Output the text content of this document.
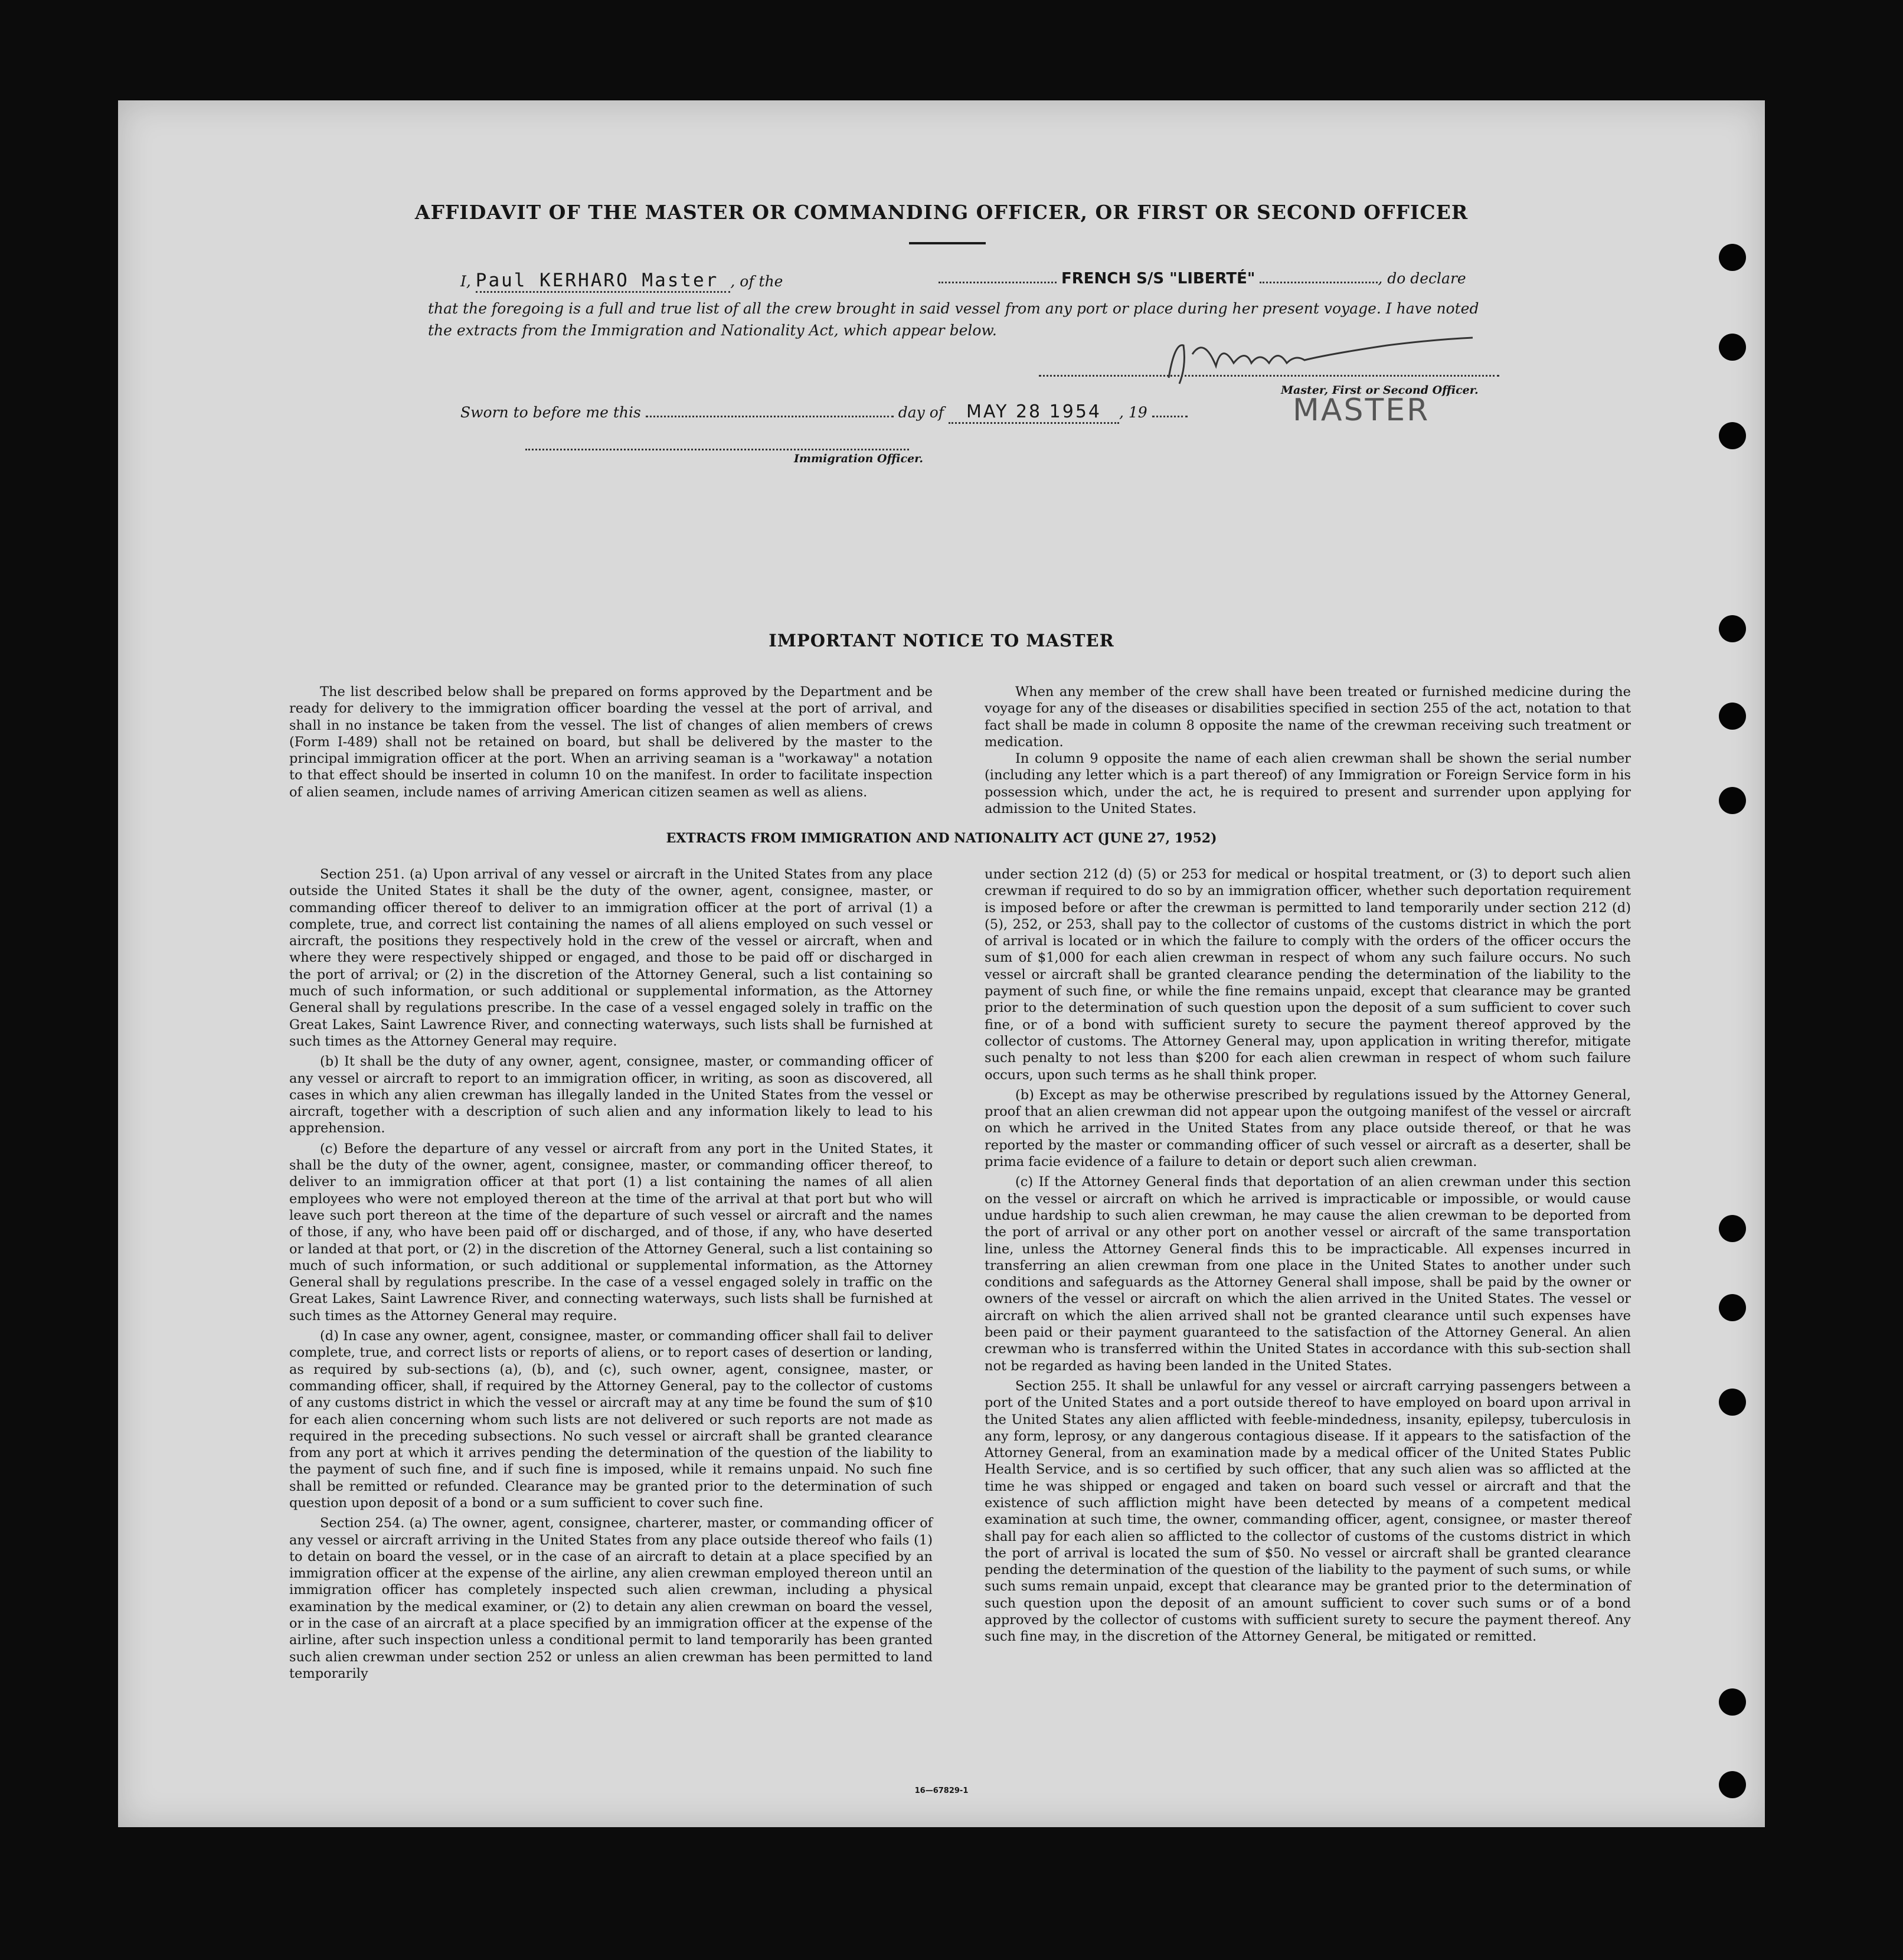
AFFIDAVIT OF THE MASTER OR COMMANDING OFFICER, OR FIRST OR SECOND OFFICER
I, Paul KERHARO Master , of the	FRENCH S/S "LIBERTÉ"	, do declare
that the foregoing is a full and true list of all the crew brought in said vessel from any port or place during her present voyage. I have noted
the extracts from the Immigration and Nationality Act, which appear below.
Master, First or Second Officer.
MASTER
Sworn to before me this	day of MAY 28 1954 , 19
Immigration Officer.
IMPORTANT NOTICE TO MASTER

The list described below shall be prepared on forms approved by the Department and be ready for delivery to the immigration officer boarding the vessel at the port of arrival, and shall in no instance be taken from the vessel. The list of changes of alien members of crews (Form I-489) shall not be retained on board, but shall be delivered by the master to the principal immigration officer at the port. When an arriving seaman is a "workaway" a notation to that effect should be inserted in column 10 on the manifest. In order to facilitate inspection of alien seamen, include names of arriving American citizen seamen as well as aliens.

When any member of the crew shall have been treated or furnished medicine during the voyage for any of the diseases or disabilities specified in section 255 of the act, notation to that fact shall be made in column 8 opposite the name of the crewman receiving such treatment or medication.

In column 9 opposite the name of each alien crewman shall be shown the serial number (including any letter which is a part thereof) of any Immigration or Foreign Service form in his possession which, under the act, he is required to present and surrender upon applying for admission to the United States.

EXTRACTS FROM IMMIGRATION AND NATIONALITY ACT (JUNE 27, 1952)

Section 251. (a) Upon arrival of any vessel or aircraft in the United States from any place outside the United States it shall be the duty of the owner, agent, consignee, master, or commanding officer thereof to deliver to an immigration officer at the port of arrival (1) a complete, true, and correct list containing the names of all aliens employed on such vessel or aircraft, the positions they respectively hold in the crew of the vessel or aircraft, when and where they were respectively shipped or engaged, and those to be paid off or discharged in the port of arrival; or (2) in the discretion of the Attorney General, such a list containing so much of such information, or such additional or supplemental information, as the Attorney General shall by regulations prescribe. In the case of a vessel engaged solely in traffic on the Great Lakes, Saint Lawrence River, and connecting waterways, such lists shall be furnished at such times as the Attorney General may require.

(b) It shall be the duty of any owner, agent, consignee, master, or commanding officer of any vessel or aircraft to report to an immigration officer, in writing, as soon as discovered, all cases in which any alien crewman has illegally landed in the United States from the vessel or aircraft, together with a description of such alien and any information likely to lead to his apprehension.

(c) Before the departure of any vessel or aircraft from any port in the United States, it shall be the duty of the owner, agent, consignee, master, or commanding officer thereof, to deliver to an immigration officer at that port (1) a list containing the names of all alien employees who were not employed thereon at the time of the arrival at that port but who will leave such port thereon at the time of the departure of such vessel or aircraft and the names of those, if any, who have been paid off or discharged, and of those, if any, who have deserted or landed at that port, or (2) in the discretion of the Attorney General, such a list containing so much of such information, or such additional or supplemental information, as the Attorney General shall by regulations prescribe. In the case of a vessel engaged solely in traffic on the Great Lakes, Saint Lawrence River, and connecting waterways, such lists shall be furnished at such times as the Attorney General may require.

(d) In case any owner, agent, consignee, master, or commanding officer shall fail to deliver complete, true, and correct lists or reports of aliens, or to report cases of desertion or landing, as required by sub-sections (a), (b), and (c), such owner, agent, consignee, master, or commanding officer, shall, if required by the Attorney General, pay to the collector of customs of any customs district in which the vessel or aircraft may at any time be found the sum of $10 for each alien concerning whom such lists are not delivered or such reports are not made as required in the preceding subsections. No such vessel or aircraft shall be granted clearance from any port at which it arrives pending the determination of the question of the liability to the payment of such fine, and if such fine is imposed, while it remains unpaid. No such fine shall be remitted or refunded. Clearance may be granted prior to the determination of such question upon deposit of a bond or a sum sufficient to cover such fine.

Section 254. (a) The owner, agent, consignee, charterer, master, or commanding officer of any vessel or aircraft arriving in the United States from any place outside thereof who fails (1) to detain on board the vessel, or in the case of an aircraft to detain at a place specified by an immigration officer at the expense of the airline, any alien crewman employed thereon until an immigration officer has completely inspected such alien crewman, including a physical examination by the medical examiner, or (2) to detain any alien crewman on board the vessel, or in the case of an aircraft at a place specified by an immigration officer at the expense of the airline, after such inspection unless a conditional permit to land temporarily has been granted such alien crewman under section 252 or unless an alien crewman has been permitted to land temporarily

under section 212 (d) (5) or 253 for medical or hospital treatment, or (3) to deport such alien crewman if required to do so by an immigration officer, whether such deportation requirement is imposed before or after the crewman is permitted to land temporarily under section 212 (d) (5), 252, or 253, shall pay to the collector of customs of the customs district in which the port of arrival is located or in which the failure to comply with the orders of the officer occurs the sum of $1,000 for each alien crewman in respect of whom any such failure occurs. No such vessel or aircraft shall be granted clearance pending the determination of the liability to the payment of such fine, or while the fine remains unpaid, except that clearance may be granted prior to the determination of such question upon the deposit of a sum sufficient to cover such fine, or of a bond with sufficient surety to secure the payment thereof approved by the collector of customs. The Attorney General may, upon application in writing therefor, mitigate such penalty to not less than $200 for each alien crewman in respect of whom such failure occurs, upon such terms as he shall think proper.

(b) Except as may be otherwise prescribed by regulations issued by the Attorney General, proof that an alien crewman did not appear upon the outgoing manifest of the vessel or aircraft on which he arrived in the United States from any place outside thereof, or that he was reported by the master or commanding officer of such vessel or aircraft as a deserter, shall be prima facie evidence of a failure to detain or deport such alien crewman.

(c) If the Attorney General finds that deportation of an alien crewman under this section on the vessel or aircraft on which he arrived is impracticable or impossible, or would cause undue hardship to such alien crewman, he may cause the alien crewman to be deported from the port of arrival or any other port on another vessel or aircraft of the same transportation line, unless the Attorney General finds this to be impracticable. All expenses incurred in transferring an alien crewman from one place in the United States to another under such conditions and safeguards as the Attorney General shall impose, shall be paid by the owner or owners of the vessel or aircraft on which the alien arrived in the United States. The vessel or aircraft on which the alien arrived shall not be granted clearance until such expenses have been paid or their payment guaranteed to the satisfaction of the Attorney General. An alien crewman who is transferred within the United States in accordance with this sub-section shall not be regarded as having been landed in the United States.

Section 255. It shall be unlawful for any vessel or aircraft carrying passengers between a port of the United States and a port outside thereof to have employed on board upon arrival in the United States any alien afflicted with feeble-mindedness, insanity, epilepsy, tuberculosis in any form, leprosy, or any dangerous contagious disease. If it appears to the satisfaction of the Attorney General, from an examination made by a medical officer of the United States Public Health Service, and is so certified by such officer, that any such alien was so afflicted at the time he was shipped or engaged and taken on board such vessel or aircraft and that the existence of such affliction might have been detected by means of a competent medical examination at such time, the owner, commanding officer, agent, consignee, or master thereof shall pay for each alien so afflicted to the collector of customs of the customs district in which the port of arrival is located the sum of $50. No vessel or aircraft shall be granted clearance pending the determination of the question of the liability to the payment of such sums, or while such sums remain unpaid, except that clearance may be granted prior to the determination of such question upon the deposit of an amount sufficient to cover such sums or of a bond approved by the collector of customs with sufficient surety to secure the payment thereof. Any such fine may, in the discretion of the Attorney General, be mitigated or remitted.

16—67829-1
